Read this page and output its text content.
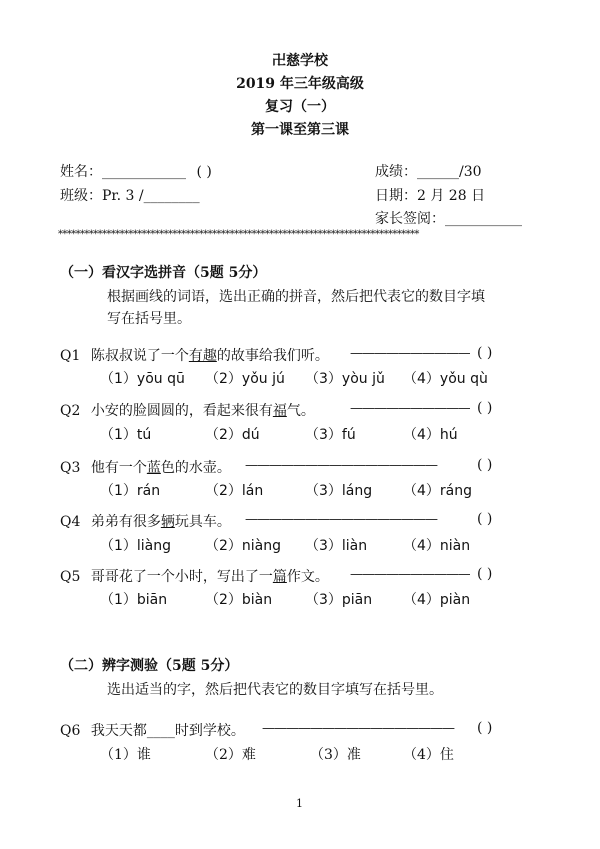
卍慈学校
2019 年三年级高级
复习（一）
第一课至第三课
姓名：____________ ( )
班级：Pr. 3 /________
成绩：______/30
日期：2 月 28 日
家长签阅：___________
**********************************************************************************
（一）看汉字选拼音（5题 5分）
根据画线的词语，选出正确的拼音，然后把代表它的数目字填
写在括号里。
Q1 陈叔叔说了一个有趣的故事给我们听。 —————————— ( )
（1）yōu qū （2）yǒu jú （3）yòu jǔ （4）yǒu qù
Q2 小安的脸圆圆的，看起来很有福气。	—————————— ( )
（1）tú	（2）dú	（3）fú	（4）hú
Q3 他有一个蓝色的水壶。 ————————————————	( )
（1）rán	（2）lán	（3）láng （4）ráng
Q4 弟弟有很多辆玩具车。 ————————————————	( )
（1）liàng （2）niàng （3）liàn	（4）niàn
Q5 哥哥花了一个小时，写出了一篇作文。 —————————— ( )
（1）biān	（2）biàn （3）piān （4）piàn
（二）辨字测验（5题 5分）
选出适当的字，然后把代表它的数目字填写在括号里。
Q6 我天天都____时到学校。 ————————————————	( )
（1）谁	（2）难	（3）准	（4）住
1
